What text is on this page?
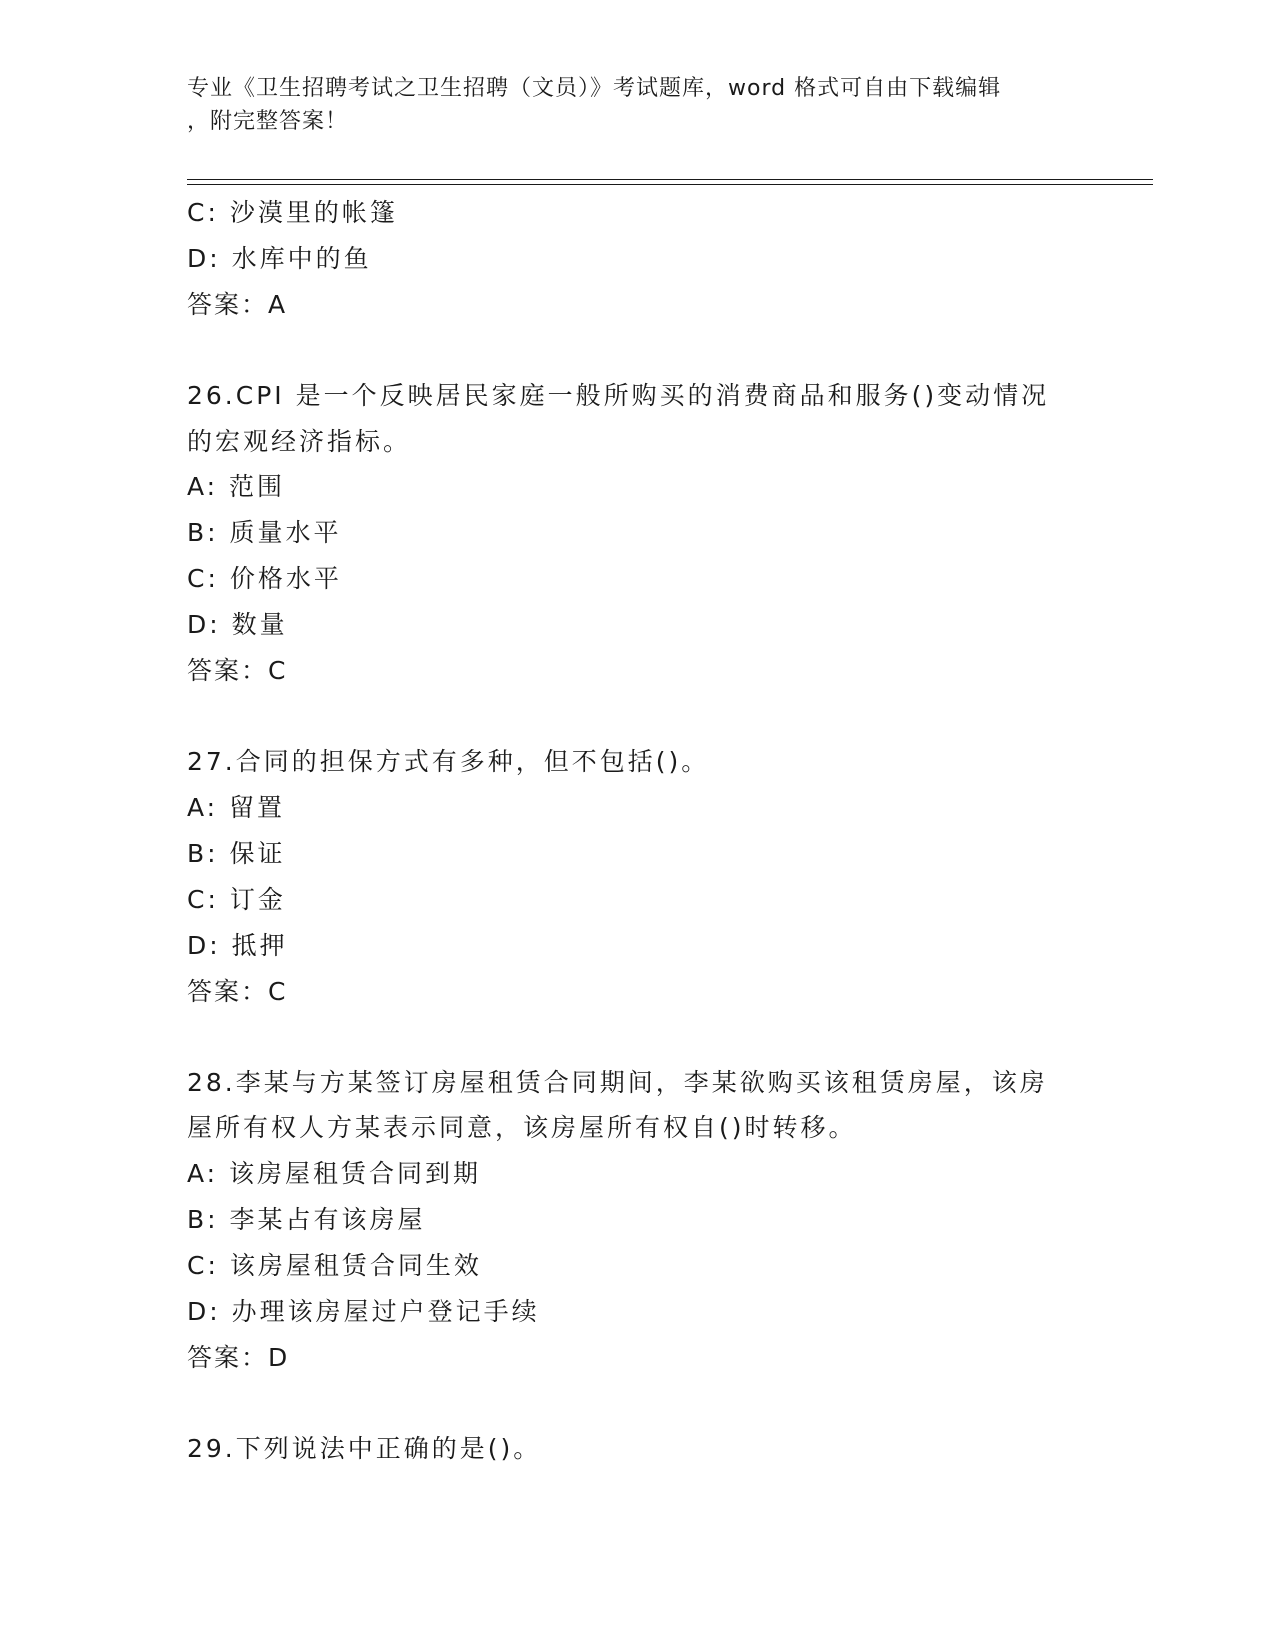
专业《卫生招聘考试之卫生招聘（文员）》考试题库，word 格式可自由下载编辑
，附完整答案！
C: 沙漠里的帐篷
D: 水库中的鱼
答案：A
26.CPI 是一个反映居民家庭一般所购买的消费商品和服务()变动情况
的宏观经济指标。
A: 范围
B: 质量水平
C: 价格水平
D: 数量
答案：C
27.合同的担保方式有多种，但不包括()。
A: 留置
B: 保证
C: 订金
D: 抵押
答案：C
28.李某与方某签订房屋租赁合同期间，李某欲购买该租赁房屋，该房
屋所有权人方某表示同意，该房屋所有权自()时转移。
A: 该房屋租赁合同到期
B: 李某占有该房屋
C: 该房屋租赁合同生效
D: 办理该房屋过户登记手续
答案：D
29.下列说法中正确的是()。
